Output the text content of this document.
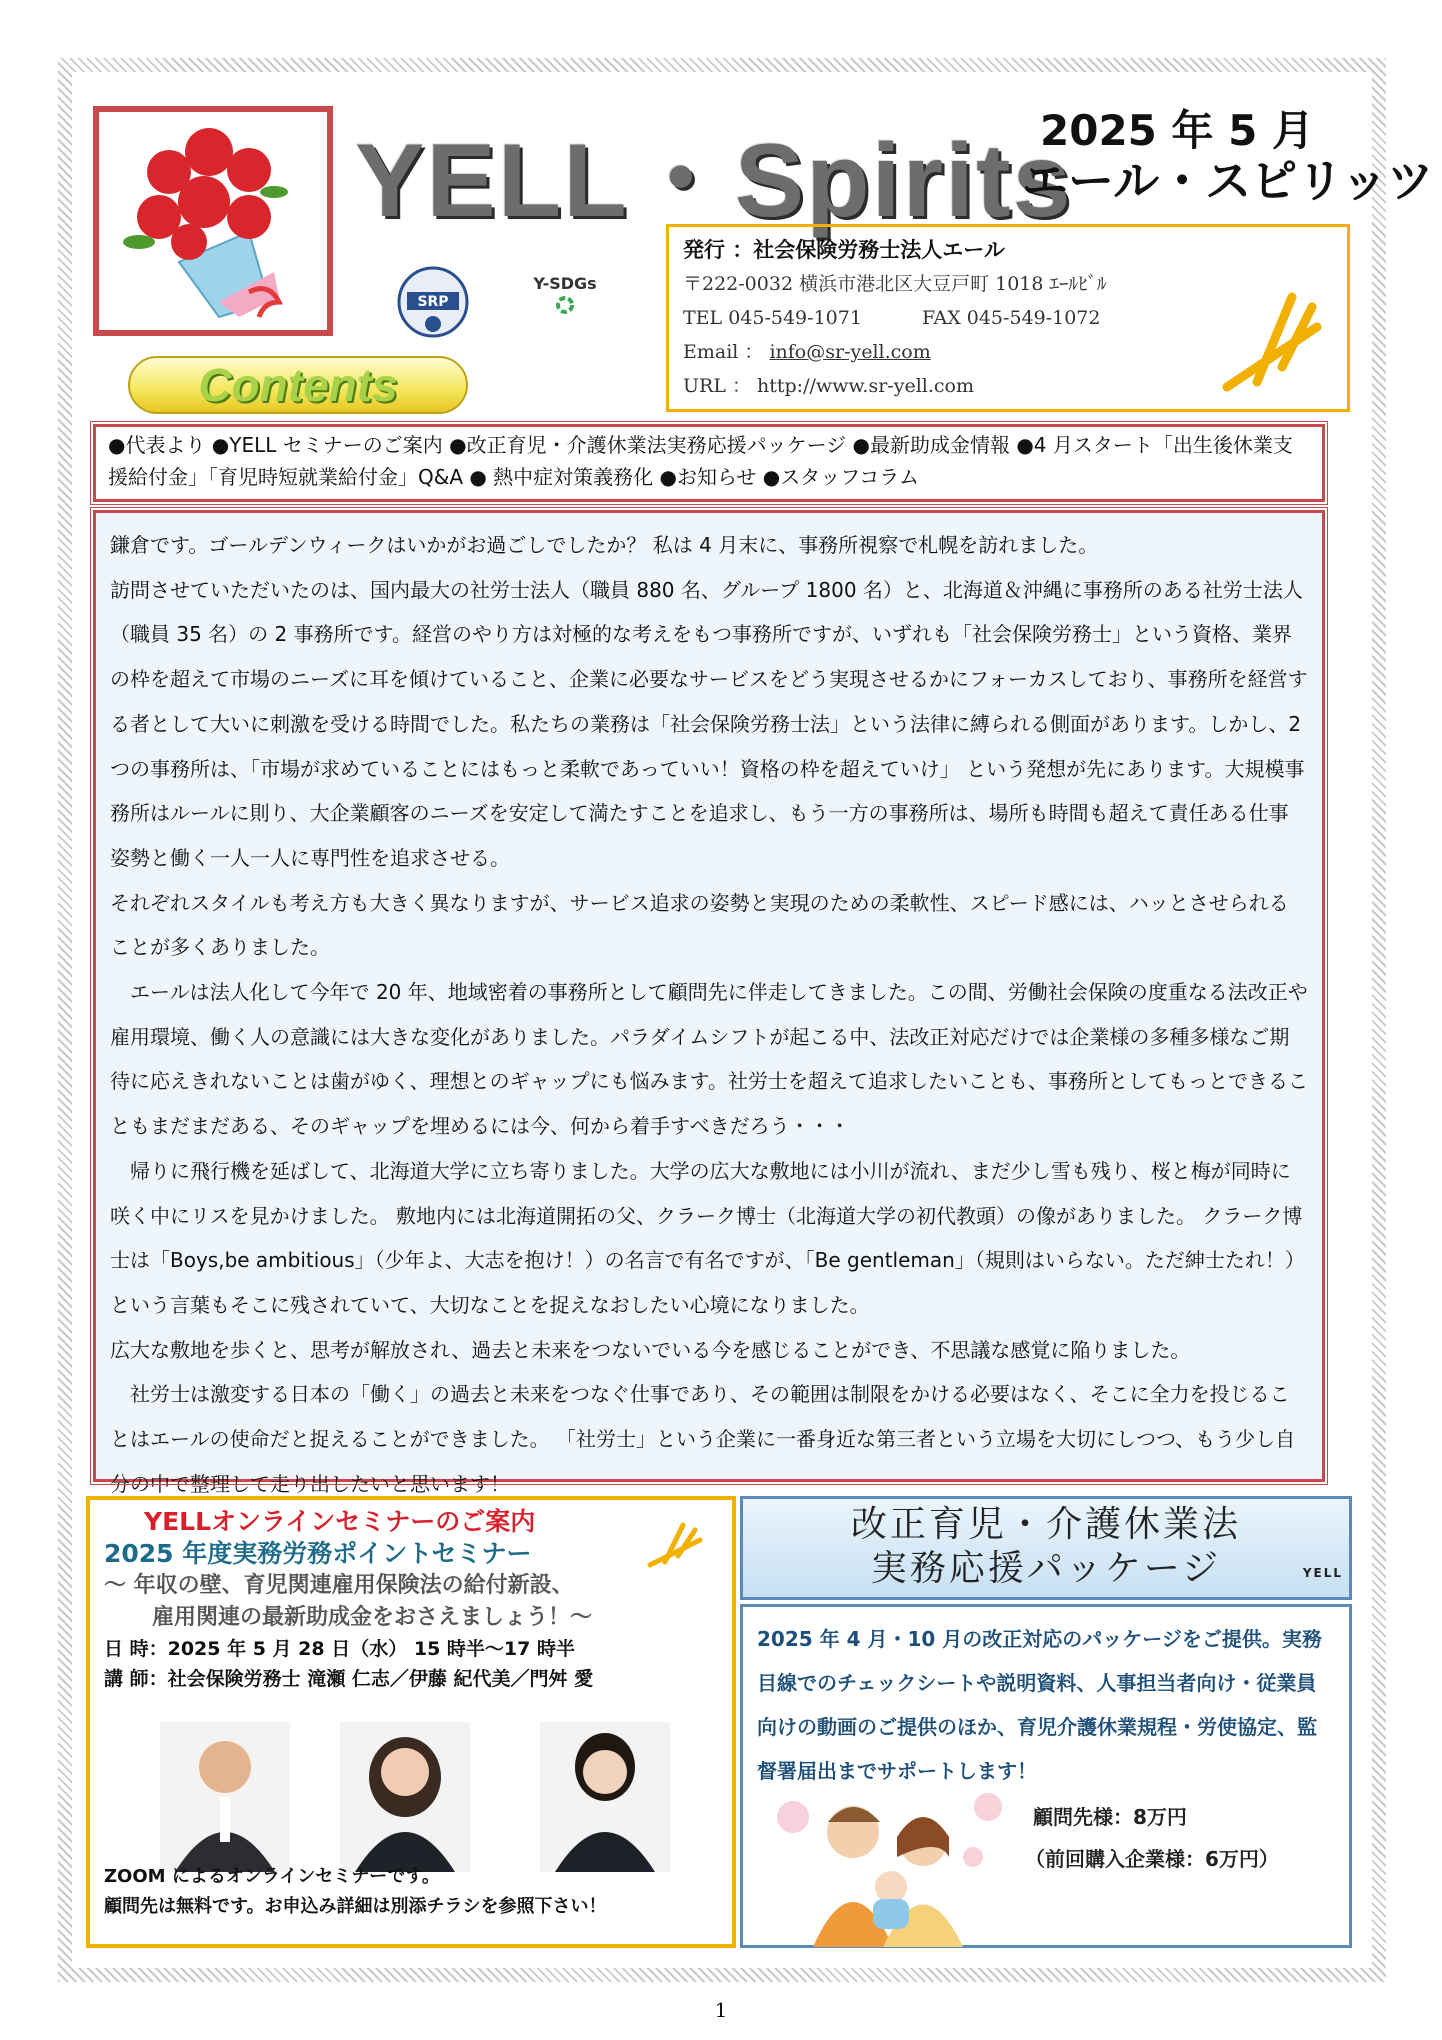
YELL・Spirits
2025 年 5 月
エール・スピリッツ
SRP
Y-SDGs
Contents
発行 ：社会保険労務士法人エール
〒222-0032 横浜市港北区大豆戸町 1018 ｴｰﾙﾋﾞﾙ
TEL 045-549-1071	FAX 045-549-1072
Email ： info@sr-yell.com
URL ： http://www.sr-yell.com
●代表より ●YELL セミナーのご案内 ●改正育児・介護休業法実務応援パッケージ ●最新助成金情報 ●4 月スタート「出生後休業支援給付金」「育児時短就業給付金」Q&A ● 熱中症対策義務化 ●お知らせ ●スタッフコラム

鎌倉です。ゴールデンウィークはいかがお過ごしでしたか？ 私は 4 月末に、事務所視察で札幌を訪れました。

訪問させていただいたのは、国内最大の社労士法人（職員 880 名、グループ 1800 名）と、北海道＆沖縄に事務所のある社労士法人（職員 35 名）の 2 事務所です。経営のやり方は対極的な考えをもつ事務所ですが、いずれも「社会保険労務士」という資格、業界の枠を超えて市場のニーズに耳を傾けていること、企業に必要なサービスをどう実現させるかにフォーカスしており、事務所を経営する者として大いに刺激を受ける時間でした。私たちの業務は「社会保険労務士法」という法律に縛られる側面があります。しかし、2つの事務所は、「市場が求めていることにはもっと柔軟であっていい！資格の枠を超えていけ」 という発想が先にあります。大規模事務所はルールに則り、大企業顧客のニーズを安定して満たすことを追求し、もう一方の事務所は、場所も時間も超えて責任ある仕事姿勢と働く一人一人に専門性を追求させる。

それぞれスタイルも考え方も大きく異なりますが、サービス追求の姿勢と実現のための柔軟性、スピード感には、ハッとさせられることが多くありました。

　エールは法人化して今年で 20 年、地域密着の事務所として顧問先に伴走してきました。この間、労働社会保険の度重なる法改正や雇用環境、働く人の意識には大きな変化がありました。パラダイムシフトが起こる中、法改正対応だけでは企業様の多種多様なご期待に応えきれないことは歯がゆく、理想とのギャップにも悩みます。社労士を超えて追求したいことも、事務所としてもっとできることもまだまだある、そのギャップを埋めるには今、何から着手すべきだろう・・・

　帰りに飛行機を延ばして、北海道大学に立ち寄りました。大学の広大な敷地には小川が流れ、まだ少し雪も残り、桜と梅が同時に咲く中にリスを見かけました。 敷地内には北海道開拓の父、クラーク博士（北海道大学の初代教頭）の像がありました。 クラーク博士は「Boys,be ambitious」（少年よ、大志を抱け！）の名言で有名ですが、「Be gentleman」（規則はいらない。ただ紳士たれ！）という言葉もそこに残されていて、大切なことを捉えなおしたい心境になりました。

広大な敷地を歩くと、思考が解放され、過去と未来をつないでいる今を感じることができ、不思議な感覚に陥りました。

　社労士は激変する日本の「働く」の過去と未来をつなぐ仕事であり、その範囲は制限をかける必要はなく、そこに全力を投じることはエールの使命だと捉えることができました。 「社労士」という企業に一番身近な第三者という立場を大切にしつつ、もう少し自分の中で整理して走り出したいと思います！

YELLオンラインセミナーのご案内
2025 年度実務労務ポイントセミナー
～ 年収の壁、育児関連雇用保険法の給付新設、
雇用関連の最新助成金をおさえましょう！～
日 時：2025 年 5 月 28 日（水） 15 時半～17 時半
講 師：社会保険労務士 滝瀬 仁志／伊藤 紀代美／門舛 愛
ZOOM によるオンラインセミナーです。
顧問先は無料です。お申込み詳細は別添チラシを参照下さい！
改正育児・介護休業法
実務応援パッケージ	YELL
2025 年 4 月・10 月の改正対応のパッケージをご提供。実務目線でのチェックシートや説明資料、人事担当者向け・従業員向けの動画のご提供のほか、育児介護休業規程・労使協定、監督署届出までサポートします！
顧問先様：8万円
（前回購入企業様：6万円）
1
